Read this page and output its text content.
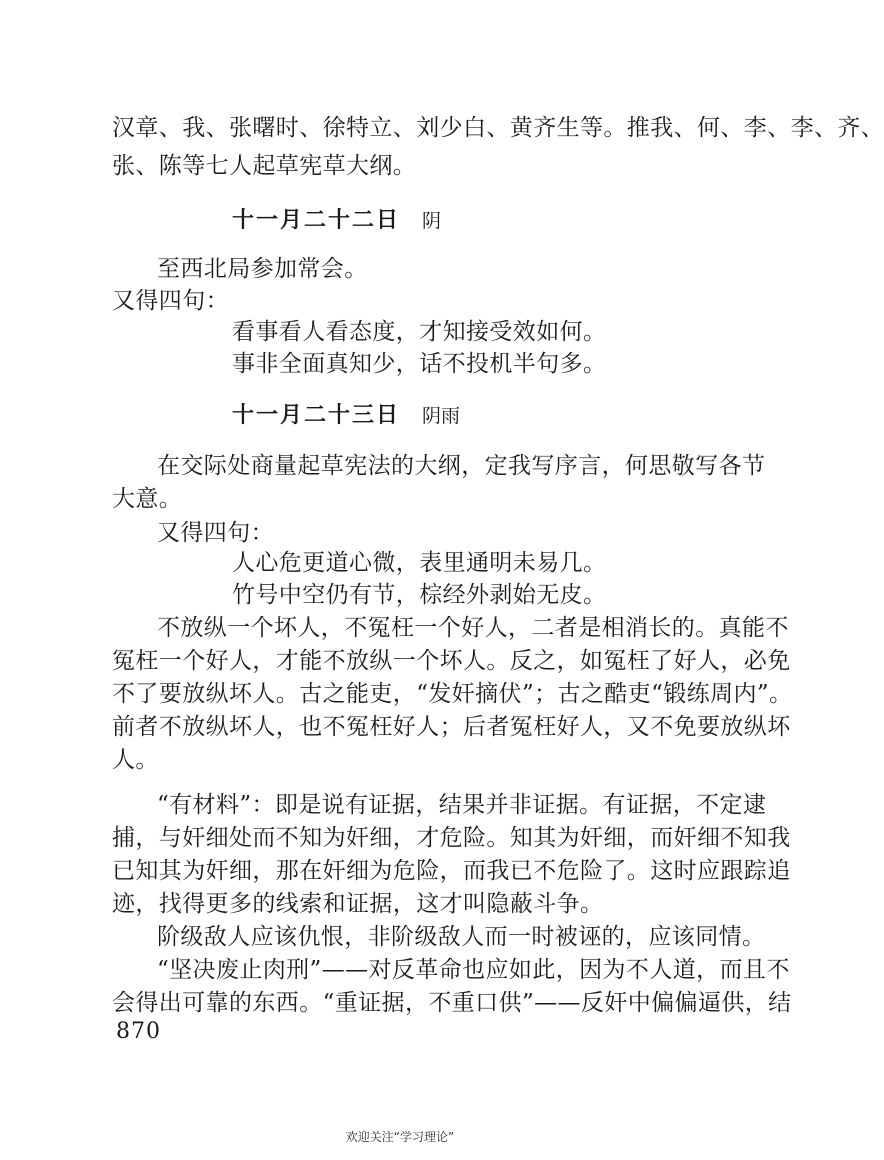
汉章、我、张曙时、徐特立、刘少白、黄齐生等。推我、何、李、李、齐、
张、陈等七人起草宪草大纲。
十一月二十二日 阴
至西北局参加常会。
又得四句：
看事看人看态度，才知接受效如何。
事非全面真知少，话不投机半句多。
十一月二十三日 阴雨
在交际处商量起草宪法的大纲，定我写序言，何思敬写各节
大意。
又得四句：
人心危更道心微，表里通明未易几。
竹号中空仍有节，棕经外剥始无皮。
不放纵一个坏人，不冤枉一个好人，二者是相消长的。真能不
冤枉一个好人，才能不放纵一个坏人。反之，如冤枉了好人，必免
不了要放纵坏人。古之能吏，“发奸摘伏”；古之酷吏“锻练周内”。
前者不放纵坏人，也不冤枉好人；后者冤枉好人，又不免要放纵坏
人。
“有材料”：即是说有证据，结果并非证据。有证据，不定逮
捕，与奸细处而不知为奸细，才危险。知其为奸细，而奸细不知我
已知其为奸细，那在奸细为危险，而我已不危险了。这时应跟踪追
迹，找得更多的线索和证据，这才叫隐蔽斗争。
阶级敌人应该仇恨，非阶级敌人而一时被诬的，应该同情。
“坚决废止肉刑”——对反革命也应如此，因为不人道，而且不
会得出可靠的东西。“重证据，不重口供”——反奸中偏偏逼供，结
870
欢迎关注“学习理论”
